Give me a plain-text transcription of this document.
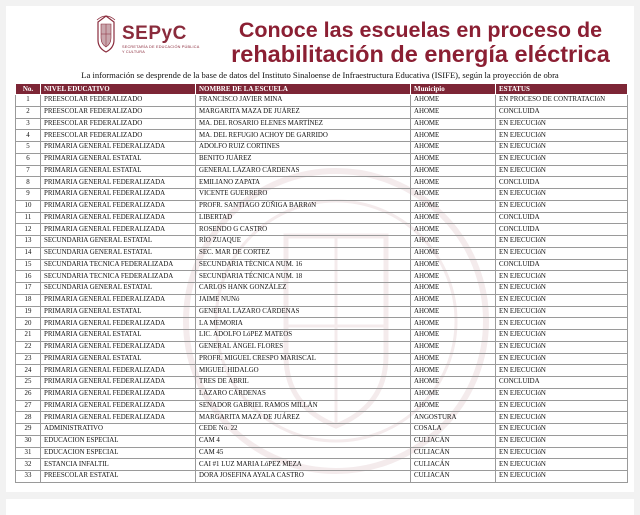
SEPyC
SECRETARÍA DE EDUCACIÓN PÚBLICA Y CULTURA
Conoce las escuelas en proceso de
rehabilitación de energía eléctrica
La información se desprende de la base de datos del Instituto Sinaloense de Infraestructura Educativa (ISIFE), según la proyección de obra
No.	NIVEL EDUCATIVO	NOMBRE DE LA ESCUELA	Municipio	ESTATUS
1	PREESCOLAR FEDERALIZADO	FRANCISCO JAVIER MINA	AHOME	EN PROCESO DE CONTRATACIóN
2	PREESCOLAR FEDERALIZADO	MARGARITA MAZA DE JUÁREZ	AHOME	CONCLUIDA
3	PREESCOLAR FEDERALIZADO	MA. DEL ROSARIO ELENES MARTÍNEZ	AHOME	EN EJECUCIóN
4	PREESCOLAR FEDERALIZADO	MA. DEL REFUGIO ACHOY DE GARRIDO	AHOME	EN EJECUCIóN
5	PRIMARIA GENERAL FEDERALIZADA	ADOLFO RUIZ CORTINES	AHOME	EN EJECUCIóN
6	PRIMARIA GENERAL ESTATAL	BENITO JUÁREZ	AHOME	EN EJECUCIóN
7	PRIMARIA GENERAL ESTATAL	GENERAL LÁZARO CÁRDENAS	AHOME	EN EJECUCIóN
8	PRIMARIA GENERAL FEDERALIZADA	EMILIANO ZAPATA	AHOME	CONCLUIDA
9	PRIMARIA GENERAL FEDERALIZADA	VICENTE GUERRERO	AHOME	EN EJECUCIóN
10	PRIMARIA GENERAL FEDERALIZADA	PROFR. SANTIAGO ZÚÑIGA BARRóN	AHOME	EN EJECUCIóN
11	PRIMARIA GENERAL FEDERALIZADA	LIBERTAD	AHOME	CONCLUIDA
12	PRIMARIA GENERAL FEDERALIZADA	ROSENDO G CASTRO	AHOME	CONCLUIDA
13	SECUNDARIA GENERAL ESTATAL	RÍO ZUAQUE	AHOME	EN EJECUCIóN
14	SECUNDARIA GENERAL ESTATAL	SEC. MAR DE CORTEZ	AHOME	EN EJECUCIóN
15	SECUNDARIA TECNICA FEDERALIZADA	SECUNDARIA TÉCNICA NUM. 16	AHOME	CONCLUIDA
16	SECUNDARIA TECNICA FEDERALIZADA	SECUNDARIA TÉCNICA NUM. 18	AHOME	EN EJECUCIóN
17	SECUNDARIA GENERAL ESTATAL	CARLOS HANK GONZÁLEZ	AHOME	EN EJECUCIóN
18	PRIMARIA GENERAL FEDERALIZADA	JAIME NUNó	AHOME	EN EJECUCIóN
19	PRIMARIA GENERAL ESTATAL	GENERAL LÁZARO CÁRDENAS	AHOME	EN EJECUCIóN
20	PRIMARIA GENERAL FEDERALIZADA	LA MEMORIA	AHOME	EN EJECUCIóN
21	PRIMARIA GENERAL ESTATAL	LIC. ADOLFO LóPEZ MATEOS	AHOME	EN EJECUCIóN
22	PRIMARIA GENERAL FEDERALIZADA	GENERAL ÁNGEL FLORES	AHOME	EN EJECUCIóN
23	PRIMARIA GENERAL ESTATAL	PROFR. MIGUEL CRESPO MARISCAL	AHOME	EN EJECUCIóN
24	PRIMARIA GENERAL FEDERALIZADA	MIGUEL HIDALGO	AHOME	EN EJECUCIóN
25	PRIMARIA GENERAL FEDERALIZADA	TRES DE ABRIL	AHOME	CONCLUIDA
26	PRIMARIA GENERAL FEDERALIZADA	LÁZARO CÁRDENAS	AHOME	EN EJECUCIóN
27	PRIMARIA GENERAL FEDERALIZADA	SENADOR GABRIEL RAMOS MILLÁN	AHOME	EN EJECUCIóN
28	PRIMARIA GENERAL FEDERALIZADA	MARGARITA MAZA DE JUÁREZ	ANGOSTURA	EN EJECUCIóN
29	ADMINISTRATIVO	CEDE No. 22	COSALA	EN EJECUCIóN
30	EDUCACION ESPECIAL	CAM 4	CULIACÁN	EN EJECUCIóN
31	EDUCACION ESPECIAL	CAM 45	CULIACÁN	EN EJECUCIóN
32	ESTANCIA INFALTIL	CAI #1 LUZ MARIA LóPEZ MEZA	CULIACÁN	EN EJECUCIóN
33	PREESCOLAR ESTATAL	DORA JOSEFINA AYALA CASTRO	CULIACÁN	EN EJECUCIóN
